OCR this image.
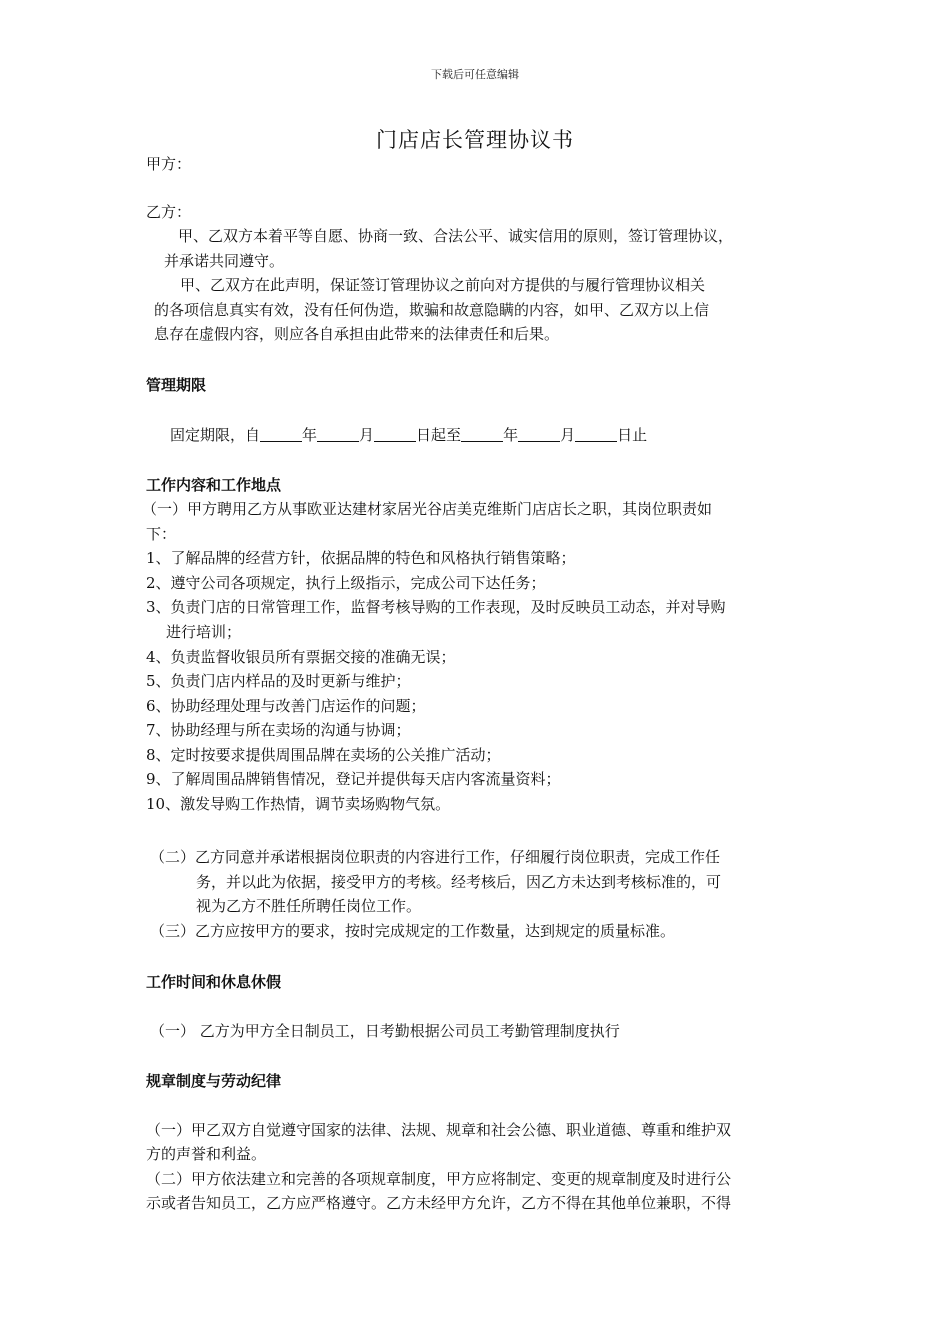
下载后可任意编辑
门店店长管理协议书
甲方：
乙方：
甲、乙双方本着平等自愿、协商一致、合法公平、诚实信用的原则，签订管理协议，
并承诺共同遵守。
甲、乙双方在此声明，保证签订管理协议之前向对方提供的与履行管理协议相关
的各项信息真实有效，没有任何伪造，欺骗和故意隐瞒的内容，如甲、乙双方以上信
息存在虚假内容，则应各自承担由此带来的法律责任和后果。
管理期限
固定期限，自	年	月	日起至	年	月	日止
工作内容和工作地点
（一）甲方聘用乙方从事欧亚达建材家居光谷店美克维斯门店店长之职，其岗位职责如
下：
1、了解品牌的经营方针，依据品牌的特色和风格执行销售策略；
2、遵守公司各项规定，执行上级指示，完成公司下达任务；
3、负责门店的日常管理工作，监督考核导购的工作表现，及时反映员工动态，并对导购
进行培训；
4、负责监督收银员所有票据交接的准确无误；
5、负责门店内样品的及时更新与维护；
6、协助经理处理与改善门店运作的问题；
7、协助经理与所在卖场的沟通与协调；
8、定时按要求提供周围品牌在卖场的公关推广活动；
9、了解周围品牌销售情况，登记并提供每天店内客流量资料；
10、激发导购工作热情，调节卖场购物气氛。
（二）乙方同意并承诺根据岗位职责的内容进行工作，仔细履行岗位职责，完成工作任
务，并以此为依据，接受甲方的考核。经考核后，因乙方未达到考核标准的，可
视为乙方不胜任所聘任岗位工作。
（三）乙方应按甲方的要求，按时完成规定的工作数量，达到规定的质量标准。
工作时间和休息休假
（一） 乙方为甲方全日制员工，日考勤根据公司员工考勤管理制度执行
规章制度与劳动纪律
（一）甲乙双方自觉遵守国家的法律、法规、规章和社会公德、职业道德、尊重和维护双
方的声誉和利益。
（二）甲方依法建立和完善的各项规章制度，甲方应将制定、变更的规章制度及时进行公
示或者告知员工，乙方应严格遵守。乙方未经甲方允许，乙方不得在其他单位兼职，不得
